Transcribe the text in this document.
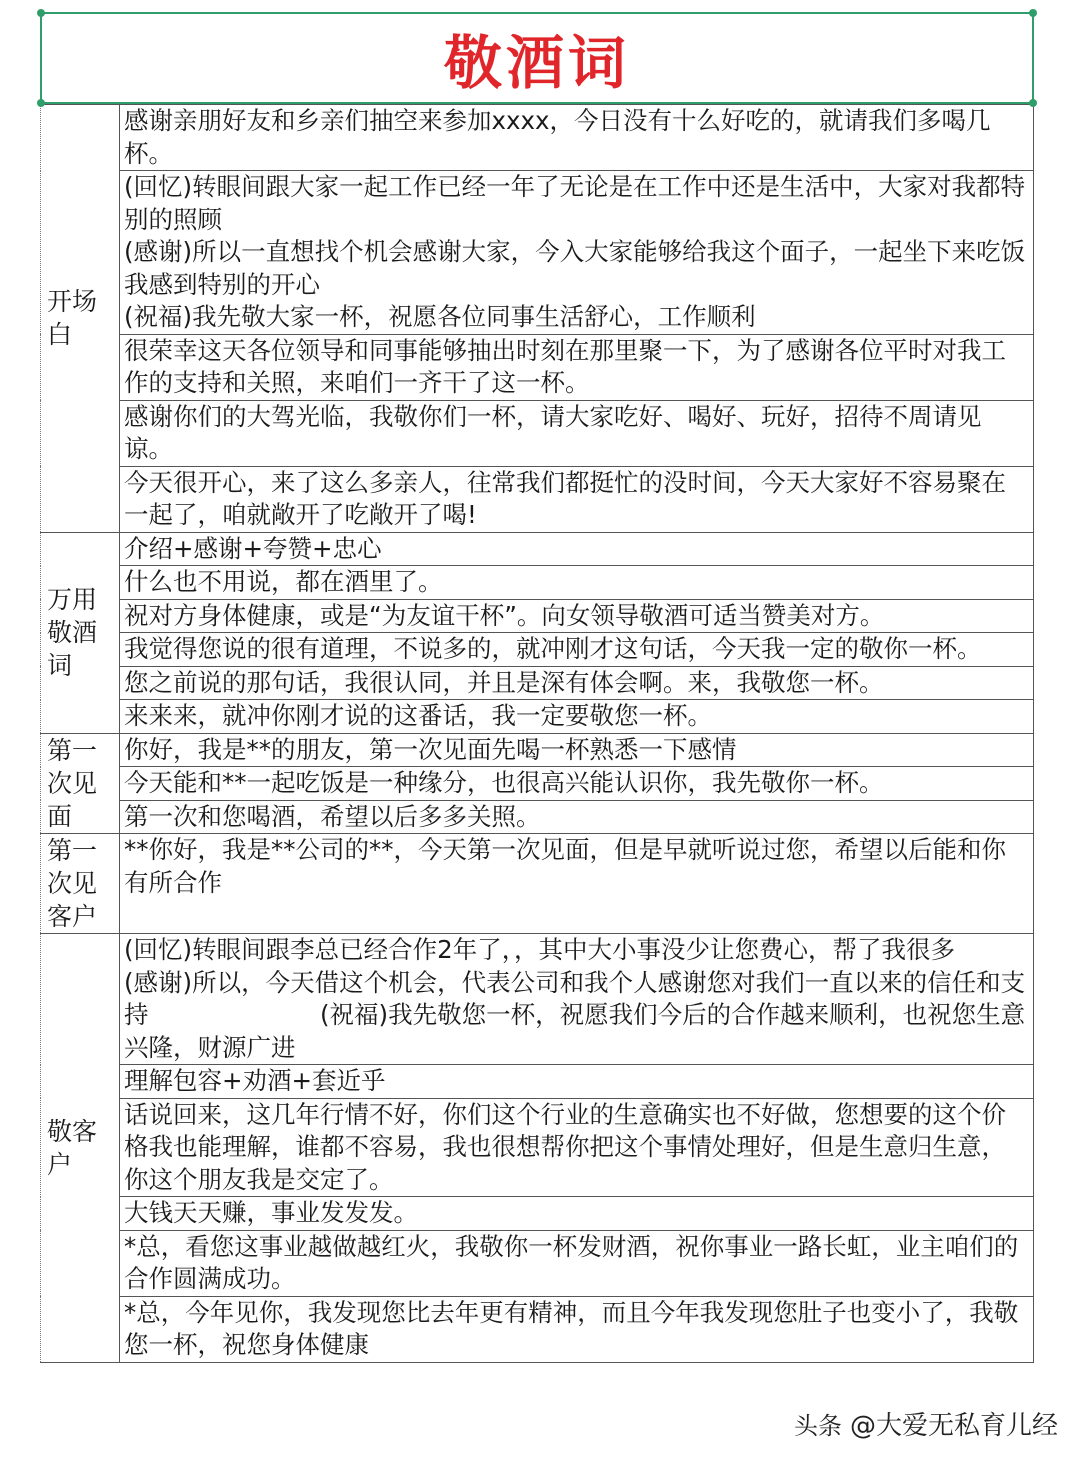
敬酒词
开场白	感谢亲朋好友和乡亲们抽空来参加xxxx，今日没有十么好吃的，就请我们多喝几杯。
	(回忆)转眼间跟大家一起工作已经一年了无论是在工作中还是生活中，大家对我都特别的照顾
(感谢)所以一直想找个机会感谢大家，今入大家能够给我这个面子，一起坐下来吃饭
我感到特别的开心
(祝福)我先敬大家一杯，祝愿各位同事生活舒心，工作顺利
	很荣幸这天各位领导和同事能够抽出时刻在那里聚一下，为了感谢各位平时对我工作的支持和关照，来咱们一齐干了这一杯。
	感谢你们的大驾光临，我敬你们一杯，请大家吃好、喝好、玩好，招待不周请见谅。
	今天很开心，来了这么多亲人，往常我们都挺忙的没时间，今天大家好不容易聚在一起了，咱就敞开了吃敞开了喝!
万用敬酒词	介绍+感谢+夸赞+忠心
	什么也不用说，都在酒里了。
	祝对方身体健康，或是“为友谊干杯”。向女领导敬酒可适当赞美对方。
	我觉得您说的很有道理，不说多的，就冲刚才这句话，今天我一定的敬你一杯。
	您之前说的那句话，我很认同，并且是深有体会啊。来，我敬您一杯。
	来来来，就冲你刚才说的这番话，我一定要敬您一杯。
第一次见面	你好，我是**的朋友，第一次见面先喝一杯熟悉一下感情
	今天能和**一起吃饭是一种缘分，也很高兴能认识你，我先敬你一杯。
	第一次和您喝酒，希望以后多多关照。
第一次见客户	**你好，我是**公司的**，今天第一次见面，但是早就听说过您，希望以后能和你有所合作
敬客户	(回忆)转眼间跟李总已经合作2年了，，其中大小事没少让您费心，帮了我很多
(感谢)所以，今天借这个机会，代表公司和我个人感谢您对我们一直以来的信任和支持　　　　　　　(祝福)我先敬您一杯，祝愿我们今后的合作越来顺利，也祝您生意兴隆，财源广进
	理解包容+劝酒+套近乎
	话说回来，这几年行情不好，你们这个行业的生意确实也不好做，您想要的这个价格我也能理解，谁都不容易，我也很想帮你把这个事情处理好，但是生意归生意，你这个朋友我是交定了。
	大钱天天赚，事业发发发。
	*总，看您这事业越做越红火，我敬你一杯发财酒，祝你事业一路长虹，业主咱们的合作圆满成功。
	*总，今年见你，我发现您比去年更有精神，而且今年我发现您肚子也变小了，我敬您一杯，祝您身体健康
头条 @大爱无私育儿经
